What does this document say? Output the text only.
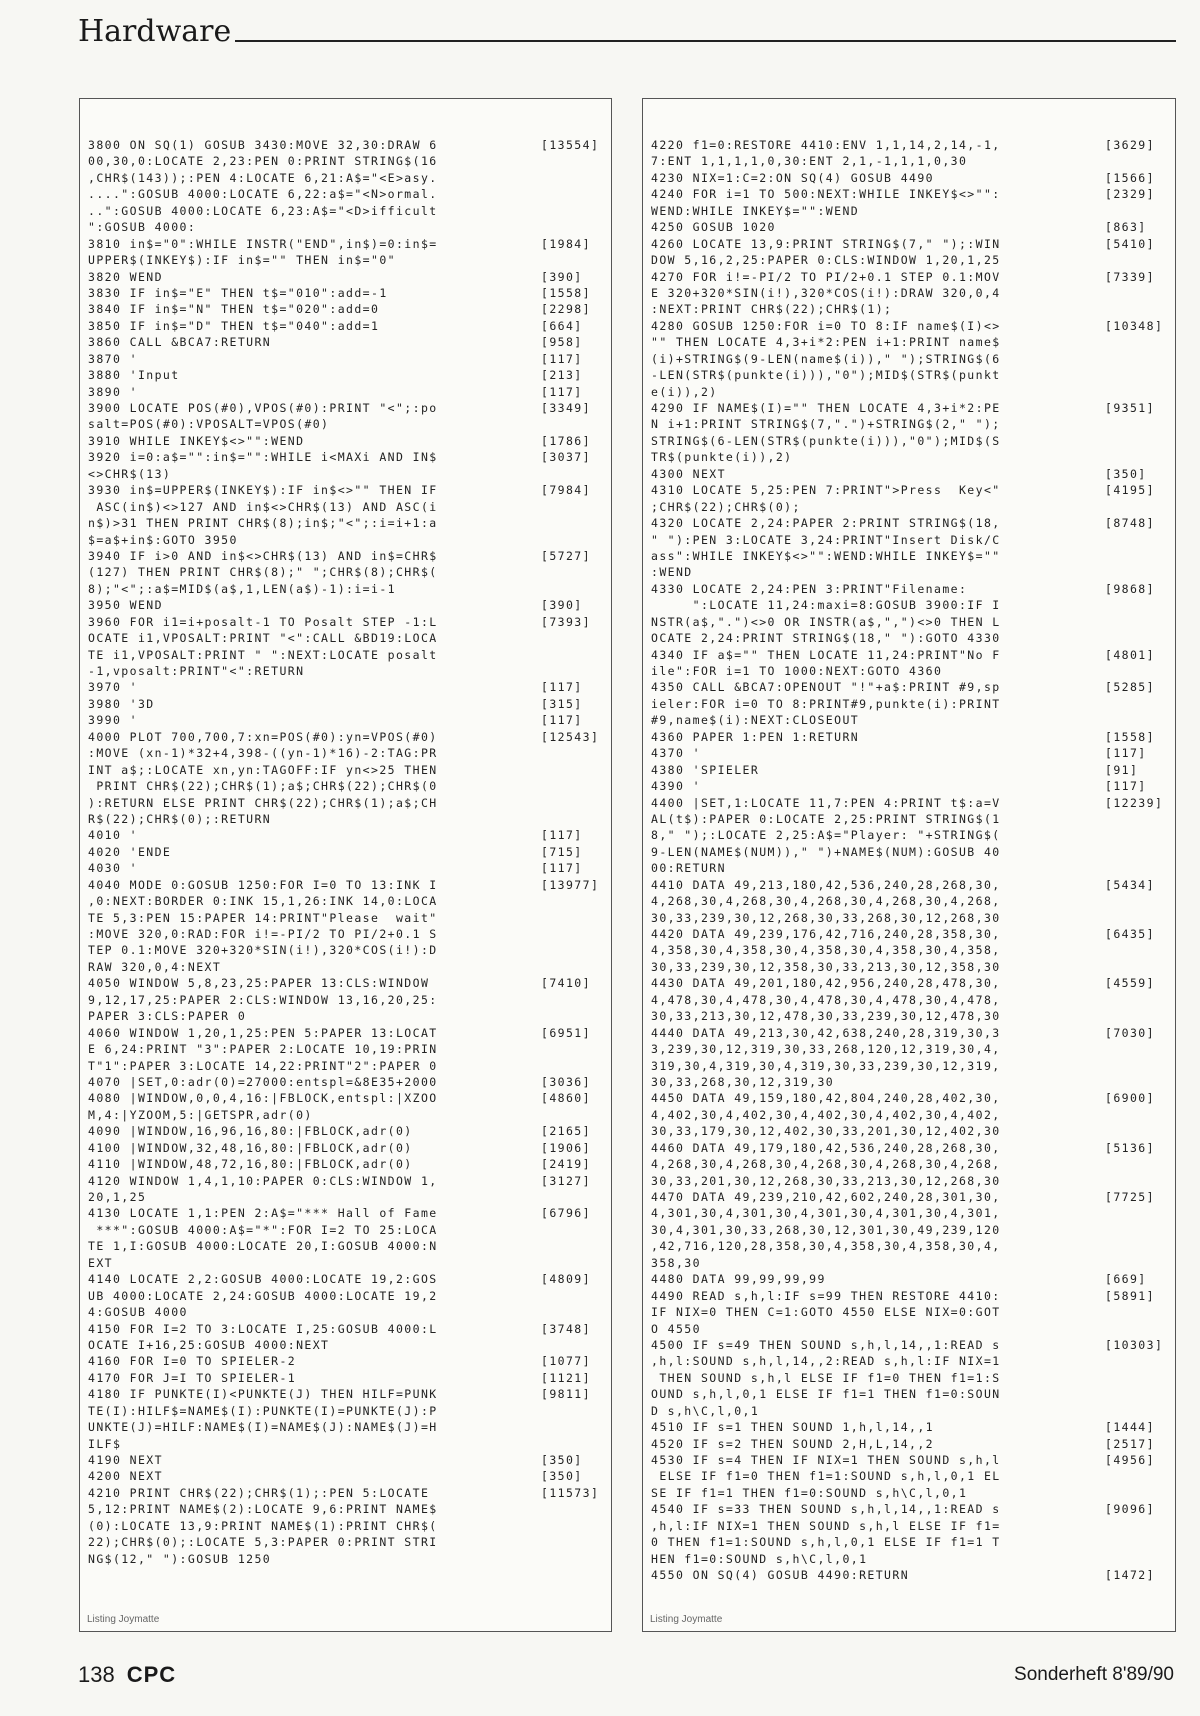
Hardware
3800 ON SQ(1) GOSUB 3430:MOVE 32,30:DRAW 6	[13554]
00,30,0:LOCATE 2,23:PEN 0:PRINT STRING$(16
,CHR$(143));:PEN 4:LOCATE 6,21:A$="<E>asy.
....":GOSUB 4000:LOCATE 6,22:a$="<N>ormal.
..":GOSUB 4000:LOCATE 6,23:A$="<D>ifficult
":GOSUB 4000:
3810 in$="0":WHILE INSTR("END",in$)=0:in$=	[1984]
UPPER$(INKEY$):IF in$="" THEN in$="0"
3820 WEND	[390]
3830 IF in$="E" THEN t$="010":add=-1	[1558]
3840 IF in$="N" THEN t$="020":add=0	[2298]
3850 IF in$="D" THEN t$="040":add=1	[664]
3860 CALL &BCA7:RETURN	[958]
3870 '	[117]
3880 'Input	[213]
3890 '	[117]
3900 LOCATE POS(#0),VPOS(#0):PRINT "<";:po	[3349]
salt=POS(#0):VPOSALT=VPOS(#0)
3910 WHILE INKEY$<>"":WEND	[1786]
3920 i=0:a$="":in$="":WHILE i<MAXi AND IN$	[3037]
<>CHR$(13)
3930 in$=UPPER$(INKEY$):IF in$<>"" THEN IF	[7984]
ASC(in$)<>127 AND in$<>CHR$(13) AND ASC(i
n$)>31 THEN PRINT CHR$(8);in$;"<";:i=i+1:a
$=a$+in$:GOTO 3950
3940 IF i>0 AND in$<>CHR$(13) AND in$=CHR$	[5727]
(127) THEN PRINT CHR$(8);" ";CHR$(8);CHR$(
8);"<";:a$=MID$(a$,1,LEN(a$)-1):i=i-1
3950 WEND	[390]
3960 FOR i1=i+posalt-1 TO Posalt STEP -1:L	[7393]
OCATE i1,VPOSALT:PRINT "<":CALL &BD19:LOCA
TE i1,VPOSALT:PRINT " ":NEXT:LOCATE posalt
-1,vposalt:PRINT"<":RETURN
3970 '	[117]
3980 '3D	[315]
3990 '	[117]
4000 PLOT 700,700,7:xn=POS(#0):yn=VPOS(#0)	[12543]
:MOVE (xn-1)*32+4,398-((yn-1)*16)-2:TAG:PR
INT a$;:LOCATE xn,yn:TAGOFF:IF yn<>25 THEN
PRINT CHR$(22);CHR$(1);a$;CHR$(22);CHR$(0
):RETURN ELSE PRINT CHR$(22);CHR$(1);a$;CH
R$(22);CHR$(0);:RETURN
4010 '	[117]
4020 'ENDE	[715]
4030 '	[117]
4040 MODE 0:GOSUB 1250:FOR I=0 TO 13:INK I	[13977]
,0:NEXT:BORDER 0:INK 15,1,26:INK 14,0:LOCA
TE 5,3:PEN 15:PAPER 14:PRINT"Please  wait"
:MOVE 320,0:RAD:FOR i!=-PI/2 TO PI/2+0.1 S
TEP 0.1:MOVE 320+320*SIN(i!),320*COS(i!):D
RAW 320,0,4:NEXT
4050 WINDOW 5,8,23,25:PAPER 13:CLS:WINDOW	[7410]
9,12,17,25:PAPER 2:CLS:WINDOW 13,16,20,25:
PAPER 3:CLS:PAPER 0
4060 WINDOW 1,20,1,25:PEN 5:PAPER 13:LOCAT	[6951]
E 6,24:PRINT "3":PAPER 2:LOCATE 10,19:PRIN
T"1":PAPER 3:LOCATE 14,22:PRINT"2":PAPER 0
4070 |SET,0:adr(0)=27000:entspl=&8E35+2000	[3036]
4080 |WINDOW,0,0,4,16:|FBLOCK,entspl:|XZOO	[4860]
M,4:|YZOOM,5:|GETSPR,adr(0)
4090 |WINDOW,16,96,16,80:|FBLOCK,adr(0)	[2165]
4100 |WINDOW,32,48,16,80:|FBLOCK,adr(0)	[1906]
4110 |WINDOW,48,72,16,80:|FBLOCK,adr(0)	[2419]
4120 WINDOW 1,4,1,10:PAPER 0:CLS:WINDOW 1,	[3127]
20,1,25
4130 LOCATE 1,1:PEN 2:A$="*** Hall of Fame	[6796]
***":GOSUB 4000:A$="*":FOR I=2 TO 25:LOCA
TE 1,I:GOSUB 4000:LOCATE 20,I:GOSUB 4000:N
EXT
4140 LOCATE 2,2:GOSUB 4000:LOCATE 19,2:GOS	[4809]
UB 4000:LOCATE 2,24:GOSUB 4000:LOCATE 19,2
4:GOSUB 4000
4150 FOR I=2 TO 3:LOCATE I,25:GOSUB 4000:L	[3748]
OCATE I+16,25:GOSUB 4000:NEXT
4160 FOR I=0 TO SPIELER-2	[1077]
4170 FOR J=I TO SPIELER-1	[1121]
4180 IF PUNKTE(I)<PUNKTE(J) THEN HILF=PUNK	[9811]
TE(I):HILF$=NAME$(I):PUNKTE(I)=PUNKTE(J):P
UNKTE(J)=HILF:NAME$(I)=NAME$(J):NAME$(J)=H
ILF$
4190 NEXT	[350]
4200 NEXT	[350]
4210 PRINT CHR$(22);CHR$(1);:PEN 5:LOCATE	[11573]
5,12:PRINT NAME$(2):LOCATE 9,6:PRINT NAME$
(0):LOCATE 13,9:PRINT NAME$(1):PRINT CHR$(
22);CHR$(0);:LOCATE 5,3:PAPER 0:PRINT STRI
NG$(12," "):GOSUB 1250
Listing Joymatte
4220 f1=0:RESTORE 4410:ENV 1,1,14,2,14,-1,	[3629]
7:ENT 1,1,1,1,0,30:ENT 2,1,-1,1,1,0,30
4230 NIX=1:C=2:ON SQ(4) GOSUB 4490	[1566]
4240 FOR i=1 TO 500:NEXT:WHILE INKEY$<>"":	[2329]
WEND:WHILE INKEY$="":WEND
4250 GOSUB 1020	[863]
4260 LOCATE 13,9:PRINT STRING$(7," ");:WIN	[5410]
DOW 5,16,2,25:PAPER 0:CLS:WINDOW 1,20,1,25
4270 FOR i!=-PI/2 TO PI/2+0.1 STEP 0.1:MOV	[7339]
E 320+320*SIN(i!),320*COS(i!):DRAW 320,0,4
:NEXT:PRINT CHR$(22);CHR$(1);
4280 GOSUB 1250:FOR i=0 TO 8:IF name$(I)<>	[10348]
"" THEN LOCATE 4,3+i*2:PEN i+1:PRINT name$
(i)+STRING$(9-LEN(name$(i))," ");STRING$(6
-LEN(STR$(punkte(i))),"0");MID$(STR$(punkt
e(i)),2)
4290 IF NAME$(I)="" THEN LOCATE 4,3+i*2:PE	[9351]
N i+1:PRINT STRING$(7,".")+STRING$(2," ");
STRING$(6-LEN(STR$(punkte(i))),"0");MID$(S
TR$(punkte(i)),2)
4300 NEXT	[350]
4310 LOCATE 5,25:PEN 7:PRINT">Press  Key<"	[4195]
;CHR$(22);CHR$(0);
4320 LOCATE 2,24:PAPER 2:PRINT STRING$(18,	[8748]
" "):PEN 3:LOCATE 3,24:PRINT"Insert Disk/C
ass":WHILE INKEY$<>"":WEND:WHILE INKEY$=""
:WEND
4330 LOCATE 2,24:PEN 3:PRINT"Filename:	[9868]
":LOCATE 11,24:maxi=8:GOSUB 3900:IF I
NSTR(a$,".")<>0 OR INSTR(a$,",")<>0 THEN L
OCATE 2,24:PRINT STRING$(18," "):GOTO 4330
4340 IF a$="" THEN LOCATE 11,24:PRINT"No F	[4801]
ile":FOR i=1 TO 1000:NEXT:GOTO 4360
4350 CALL &BCA7:OPENOUT "!"+a$:PRINT #9,sp	[5285]
ieler:FOR i=0 TO 8:PRINT#9,punkte(i):PRINT
#9,name$(i):NEXT:CLOSEOUT
4360 PAPER 1:PEN 1:RETURN	[1558]
4370 '	[117]
4380 'SPIELER	[91]
4390 '	[117]
4400 |SET,1:LOCATE 11,7:PEN 4:PRINT t$:a=V	[12239]
AL(t$):PAPER 0:LOCATE 2,25:PRINT STRING$(1
8," ");:LOCATE 2,25:A$="Player: "+STRING$(
9-LEN(NAME$(NUM))," ")+NAME$(NUM):GOSUB 40
00:RETURN
4410 DATA 49,213,180,42,536,240,28,268,30,	[5434]
4,268,30,4,268,30,4,268,30,4,268,30,4,268,
30,33,239,30,12,268,30,33,268,30,12,268,30
4420 DATA 49,239,176,42,716,240,28,358,30,	[6435]
4,358,30,4,358,30,4,358,30,4,358,30,4,358,
30,33,239,30,12,358,30,33,213,30,12,358,30
4430 DATA 49,201,180,42,956,240,28,478,30,	[4559]
4,478,30,4,478,30,4,478,30,4,478,30,4,478,
30,33,213,30,12,478,30,33,239,30,12,478,30
4440 DATA 49,213,30,42,638,240,28,319,30,3	[7030]
3,239,30,12,319,30,33,268,120,12,319,30,4,
319,30,4,319,30,4,319,30,33,239,30,12,319,
30,33,268,30,12,319,30
4450 DATA 49,159,180,42,804,240,28,402,30,	[6900]
4,402,30,4,402,30,4,402,30,4,402,30,4,402,
30,33,179,30,12,402,30,33,201,30,12,402,30
4460 DATA 49,179,180,42,536,240,28,268,30,	[5136]
4,268,30,4,268,30,4,268,30,4,268,30,4,268,
30,33,201,30,12,268,30,33,213,30,12,268,30
4470 DATA 49,239,210,42,602,240,28,301,30,	[7725]
4,301,30,4,301,30,4,301,30,4,301,30,4,301,
30,4,301,30,33,268,30,12,301,30,49,239,120
,42,716,120,28,358,30,4,358,30,4,358,30,4,
358,30
4480 DATA 99,99,99,99	[669]
4490 READ s,h,l:IF s=99 THEN RESTORE 4410:	[5891]
IF NIX=0 THEN C=1:GOTO 4550 ELSE NIX=0:GOT
O 4550
4500 IF s=49 THEN SOUND s,h,l,14,,1:READ s	[10303]
,h,l:SOUND s,h,l,14,,2:READ s,h,l:IF NIX=1
THEN SOUND s,h,l ELSE IF f1=0 THEN f1=1:S
OUND s,h,l,0,1 ELSE IF f1=1 THEN f1=0:SOUN
D s,h\C,l,0,1
4510 IF s=1 THEN SOUND 1,h,l,14,,1	[1444]
4520 IF s=2 THEN SOUND 2,H,L,14,,2	[2517]
4530 IF s=4 THEN IF NIX=1 THEN SOUND s,h,l	[4956]
ELSE IF f1=0 THEN f1=1:SOUND s,h,l,0,1 EL
SE IF f1=1 THEN f1=0:SOUND s,h\C,l,0,1
4540 IF s=33 THEN SOUND s,h,l,14,,1:READ s	[9096]
,h,l:IF NIX=1 THEN SOUND s,h,l ELSE IF f1=
0 THEN f1=1:SOUND s,h,l,0,1 ELSE IF f1=1 T
HEN f1=0:SOUND s,h\C,l,0,1
4550 ON SQ(4) GOSUB 4490:RETURN	[1472]
Listing Joymatte
138 CPC	Sonderheft 8'89/90
